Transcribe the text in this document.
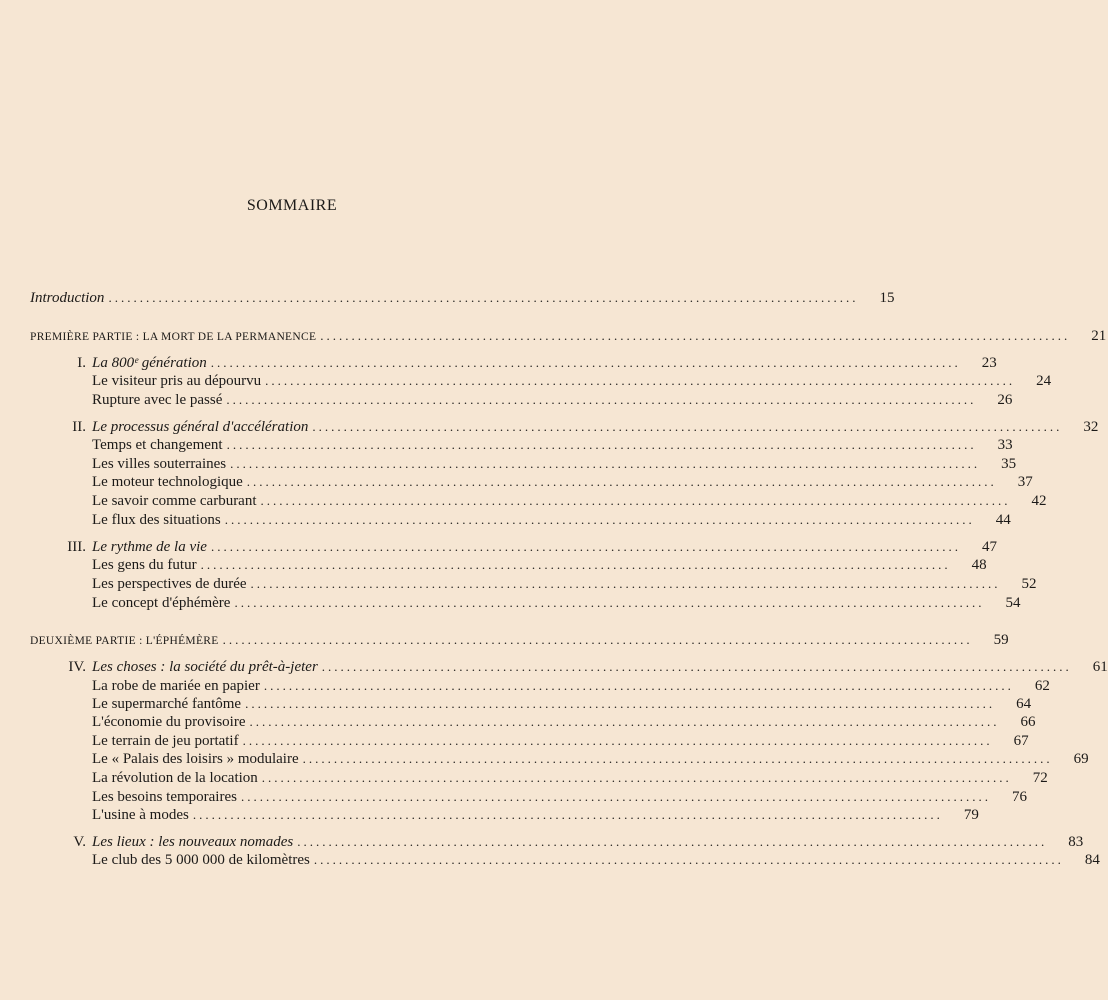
SOMMAIRE
Introduction ........................................................................................................................	15
PREMIÈRE PARTIE : LA MORT DE LA PERMANENCE ........................................................................................................................	21
I. La 800ᵉ génération ........................................................................................................................	23
Le visiteur pris au dépourvu ........................................................................................................................	24
Rupture avec le passé ........................................................................................................................	26
II. Le processus général d'accélération ........................................................................................................................	32
Temps et changement ........................................................................................................................	33
Les villes souterraines ........................................................................................................................	35
Le moteur technologique ........................................................................................................................	37
Le savoir comme carburant ........................................................................................................................	42
Le flux des situations ........................................................................................................................	44
III. Le rythme de la vie ........................................................................................................................	47
Les gens du futur ........................................................................................................................	48
Les perspectives de durée ........................................................................................................................	52
Le concept d'éphémère ........................................................................................................................	54
DEUXIÈME PARTIE : L'ÉPHÉMÈRE ........................................................................................................................	59
IV. Les choses : la société du prêt-à-jeter ........................................................................................................................	61
La robe de mariée en papier ........................................................................................................................	62
Le supermarché fantôme ........................................................................................................................	64
L'économie du provisoire ........................................................................................................................	66
Le terrain de jeu portatif ........................................................................................................................	67
Le « Palais des loisirs » modulaire ........................................................................................................................	69
La révolution de la location ........................................................................................................................	72
Les besoins temporaires ........................................................................................................................	76
L'usine à modes ........................................................................................................................	79
V. Les lieux : les nouveaux nomades ........................................................................................................................	83
Le club des 5 000 000 de kilomètres ........................................................................................................................	84
